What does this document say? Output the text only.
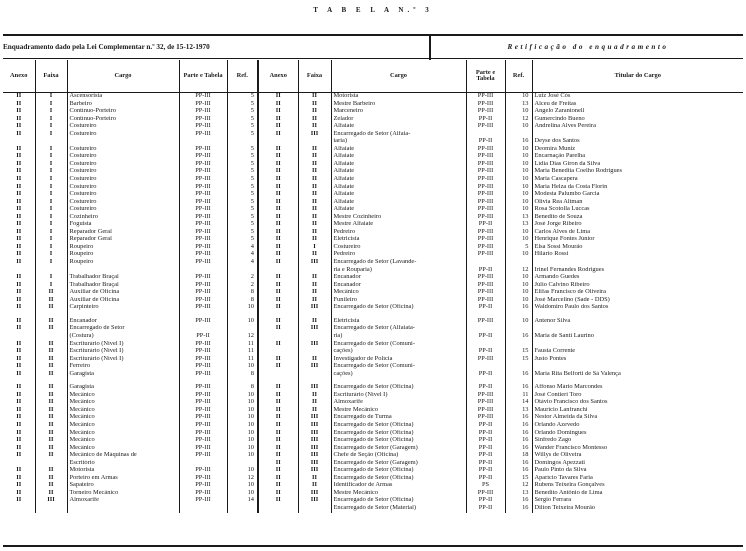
T A B E L A N.º 3
Enquadramento dado pela Lei Complementar n.º 32, de 15-12-1970	Retificação do enquadramento
Anexo	Faixa	Cargo	Parte e Tabela	Ref.	Anexo	Faixa	Cargo	Parte e Tabela	Ref.	Titular do Cargo
II	I	Ascensorista	PP-III	5	II	II	Motorista	PP-III	10	Luiz José Cós
II	I	Barbeiro	PP-III	5	II	II	Mestre Barbeiro	PP-III	13	Alceu de Freitas
II	I	Contínuo-Porteiro	PP-III	5	II	II	Marceneiro	PP-III	10	Angelo Zarantonell
II	I	Contínuo-Porteiro	PP-III	5	II	II	Zelador	PP-II	12	Gumercindo Bueno
II	I	Costureiro	PP-III	5	II	II	Alfaiate	PP-III	10	Andrelina Alves Pereira
II	I	Costureiro	PP-III	5	II	III	Encarregado de Setor (Alfaia-			
							taria)	PP-II	16	Deyse dos Santos
II	I	Costureiro	PP-III	5	II	II	Alfaiate	PP-III	10	Deomira Muniz
II	I	Costureiro	PP-III	5	II	II	Alfaiate	PP-III	10	Encarnação Parelha
II	I	Costureiro	PP-III	5	II	II	Alfaiate	PP-III	10	Lídia Dias Giron da Silva
II	I	Costureiro	PP-III	5	II	II	Alfaiate	PP-III	10	Maria Benedita Coelho Rodrigues
II	I	Costureiro	PP-III	5	II	II	Alfaiate	PP-III	10	Maria Cascapera
II	I	Costureiro	PP-III	5	II	II	Alfaiate	PP-III	10	Maria Helza da Costa Florin
II	I	Costureiro	PP-III	5	II	II	Alfaiate	PP-III	10	Modesta Palumbo Garcia
II	I	Costureiro	PP-III	5	II	II	Alfaiate	PP-III	10	Olivia Rea Altman
II	I	Costureiro	PP-III	5	II	II	Alfaiate	PP-III	10	Rosa Scotolla Luccas
II	I	Cozinheiro	PP-III	5	II	II	Mestre Cozinheiro	PP-III	13	Benedito de Souza
II	I	Foguista	PP-III	5	II	II	Mestre Alfaiate	PP-II	13	José Jorge Ribeiro
II	I	Reparador Geral	PP-III	5	II	II	Pedreiro	PP-III	10	Carlos Alves de Lima
II	I	Reparador Geral	PP-III	5	II	II	Eletricista	PP-III	10	Henrique Fontes Júnior
II	I	Roupeiro	PP-III	4	II	I	Costureiro	PP-III	5	Elsa Sossi Mourão
II	I	Roupeiro	PP-III	4	II	II	Pedreiro	PP-III	10	Hilário Rossi
II	I	Roupeiro	PP-III	4	II	III	Encarregado de Setor (Lavande-			
							ria e Rouparia)	PP-II	12	Irinel Fernandes Rodrigues
II	I	Trabalhador Braçal	PP-III	2	II	II	Encanador	PP-III	10	Armando Guedes
II	I	Trabalhador Braçal	PP-III	2	II	II	Encanador	PP-III	10	Júlio Calvino Ribeiro
II	II	Auxiliar de Oficina	PP-III	8	II	II	Mecânico	PP-III	10	Elifas Francisco de Oliveira
II	II	Auxiliar de Oficina	PP-III	8	II	II	Funileiro	PP-III	10	José Marcelino (Sade - DDS)
II	II	Carpinteiro	PP-III	10	II	III	Encarregado de Setor (Oficina)	PP-II	16	Waldomiro Paulo dos Santos

II	II	Encanador	PP-III	10	II	II	Eletricista	PP-III	10	Antenor Silva
II	II	Encarregado de Setor			II	III	Encarregado de Setor (Alfaiata-			
		(Costura)	PP-II	12			ria)	PP-II	16	Maria de Santi Laurino
II	II	Escriturário (Nível I)	PP-III	11	II	III	Encarregado de Setor (Comuni-			
II	II	Escriturário (Nível I)	PP-III	11			cações)	PP-II	15	Fausta Corrente
II	II	Escriturário (Nível I)	PP-III	11	II	II	Investigador de Polícia	PP-III	15	Justo Pontes
II	II	Ferreiro	PP-III	10	II	III	Encarregado de Setor (Comuni-			
II	II	Garagista	PP-III	8			cações)	PP-II	16	Maria Rita Belforti de Sá Valença

II	II	Garagista	PP-III	8	II	III	Encarregado de Setor (Oficina)	PP-II	16	Affonso Mário Marcondes
II	II	Mecânico	PP-III	10	II	II	Escriturário (Nível I)	PP-III	11	José Contieri Toro
II	II	Mecânico	PP-III	10	II	II	Almoxarife	PP-III	14	Otávio Francisco dos Santos
II	II	Mecânico	PP-III	10	II	II	Mestre Mecânico	PP-III	13	Mauricio Lanfranchi
II	II	Mecânico	PP-III	10	II	III	Encarregado de Turma	PP-III	16	Nestor Almeida da Silva
II	II	Mecânico	PP-III	10	II	III	Encarregado de Setor (Oficina)	PP-II	16	Orlando Azevedo
II	II	Mecânico	PP-III	10	II	III	Encarregado de Setor (Oficina)	PP-II	16	Orlando Domingues
II	II	Mecânico	PP-III	10	II	III	Encarregado de Setor (Oficina)	PP-II	16	Sinfredo Zago
II	II	Mecânico	PP-III	10	II	III	Encarregado de Setor (Garagem)	PP-II	16	Wander Francisco Montesso
II	II	Mecânico de Máquinas de	PP-III	10	II	III	Chefe de Seção (Oficina)	PP-II	18	Willys de Oliveira
		Escritório			II	III	Encarregado de Setor (Garagem)	PP-II	16	Domingos Apezzati
II	II	Motorista	PP-III	10	II	III	Encarregado de Setor (Oficina)	PP-II	16	Paulo Pinto da Silva
II	II	Porteiro em Armas	PP-III	12	II	II	Encarregado de Setor (Oficina)	PP-II	15	Aparício Tavares Faria
II	II	Sapateiro	PP-III	10	II	II	Identificador de Armas	PS	12	Rubens Teixeira Gonçalves
II	II	Torneiro Mecânico	PP-III	10	II	III	Mestre Mecânico	PP-III	13	Benedito Antônio de Lima
II	III	Almoxarife	PP-III	14	II	III	Encarregado de Setor (Oficina)	PP-II	16	Sérgio Ferrara
							Encarregado de Setor (Material)	PP-II	16	Dilton Teixeira Mourão
